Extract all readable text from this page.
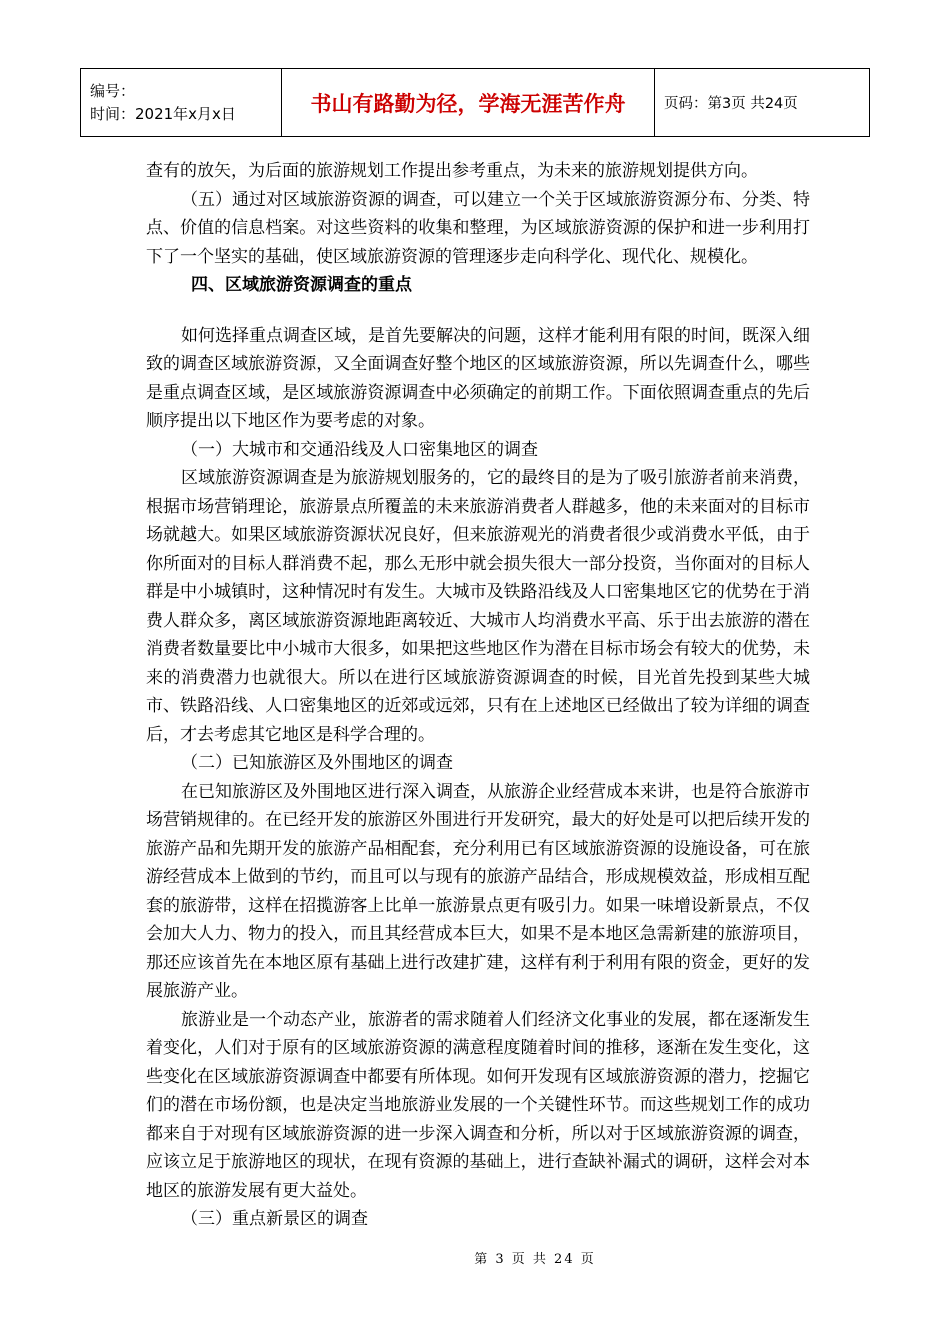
编号：
时间：2021年x月x日	书山有路勤为径，学海无涯苦作舟	页码：第3页 共24页

查有的放矢，为后面的旅游规划工作提出参考重点，为未来的旅游规划提供方向。

（五）通过对区域旅游资源的调查，可以建立一个关于区域旅游资源分布、分类、特点、价值的信息档案。对这些资料的收集和整理，为区域旅游资源的保护和进一步利用打下了一个坚实的基础，使区域旅游资源的管理逐步走向科学化、现代化、规模化。

四、区域旅游资源调查的重点

如何选择重点调查区域，是首先要解决的问题，这样才能利用有限的时间，既深入细致的调查区域旅游资源，又全面调查好整个地区的区域旅游资源，所以先调查什么，哪些是重点调查区域，是区域旅游资源调查中必须确定的前期工作。下面依照调查重点的先后顺序提出以下地区作为要考虑的对象。

（一）大城市和交通沿线及人口密集地区的调查

区域旅游资源调查是为旅游规划服务的，它的最终目的是为了吸引旅游者前来消费，根据市场营销理论，旅游景点所覆盖的未来旅游消费者人群越多，他的未来面对的目标市场就越大。如果区域旅游资源状况良好，但来旅游观光的消费者很少或消费水平低，由于你所面对的目标人群消费不起，那么无形中就会损失很大一部分投资，当你面对的目标人群是中小城镇时，这种情况时有发生。大城市及铁路沿线及人口密集地区它的优势在于消费人群众多，离区域旅游资源地距离较近、大城市人均消费水平高、乐于出去旅游的潜在消费者数量要比中小城市大很多，如果把这些地区作为潜在目标市场会有较大的优势，未来的消费潜力也就很大。所以在进行区域旅游资源调查的时候，目光首先投到某些大城市、铁路沿线、人口密集地区的近郊或远郊，只有在上述地区已经做出了较为详细的调查后，才去考虑其它地区是科学合理的。

（二）已知旅游区及外围地区的调查

在已知旅游区及外围地区进行深入调查，从旅游企业经营成本来讲，也是符合旅游市场营销规律的。在已经开发的旅游区外围进行开发研究，最大的好处是可以把后续开发的旅游产品和先期开发的旅游产品相配套，充分利用已有区域旅游资源的设施设备，可在旅游经营成本上做到的节约，而且可以与现有的旅游产品结合，形成规模效益，形成相互配套的旅游带，这样在招揽游客上比单一旅游景点更有吸引力。如果一味增设新景点，不仅会加大人力、物力的投入，而且其经营成本巨大，如果不是本地区急需新建的旅游项目，那还应该首先在本地区原有基础上进行改建扩建，这样有利于利用有限的资金，更好的发展旅游产业。

旅游业是一个动态产业，旅游者的需求随着人们经济文化事业的发展，都在逐渐发生着变化，人们对于原有的区域旅游资源的满意程度随着时间的推移，逐渐在发生变化，这些变化在区域旅游资源调查中都要有所体现。如何开发现有区域旅游资源的潜力，挖掘它们的潜在市场份额，也是决定当地旅游业发展的一个关键性环节。而这些规划工作的成功都来自于对现有区域旅游资源的进一步深入调查和分析，所以对于区域旅游资源的调查，应该立足于旅游地区的现状，在现有资源的基础上，进行查缺补漏式的调研，这样会对本地区的旅游发展有更大益处。

（三）重点新景区的调查

第 3 页 共 24 页
